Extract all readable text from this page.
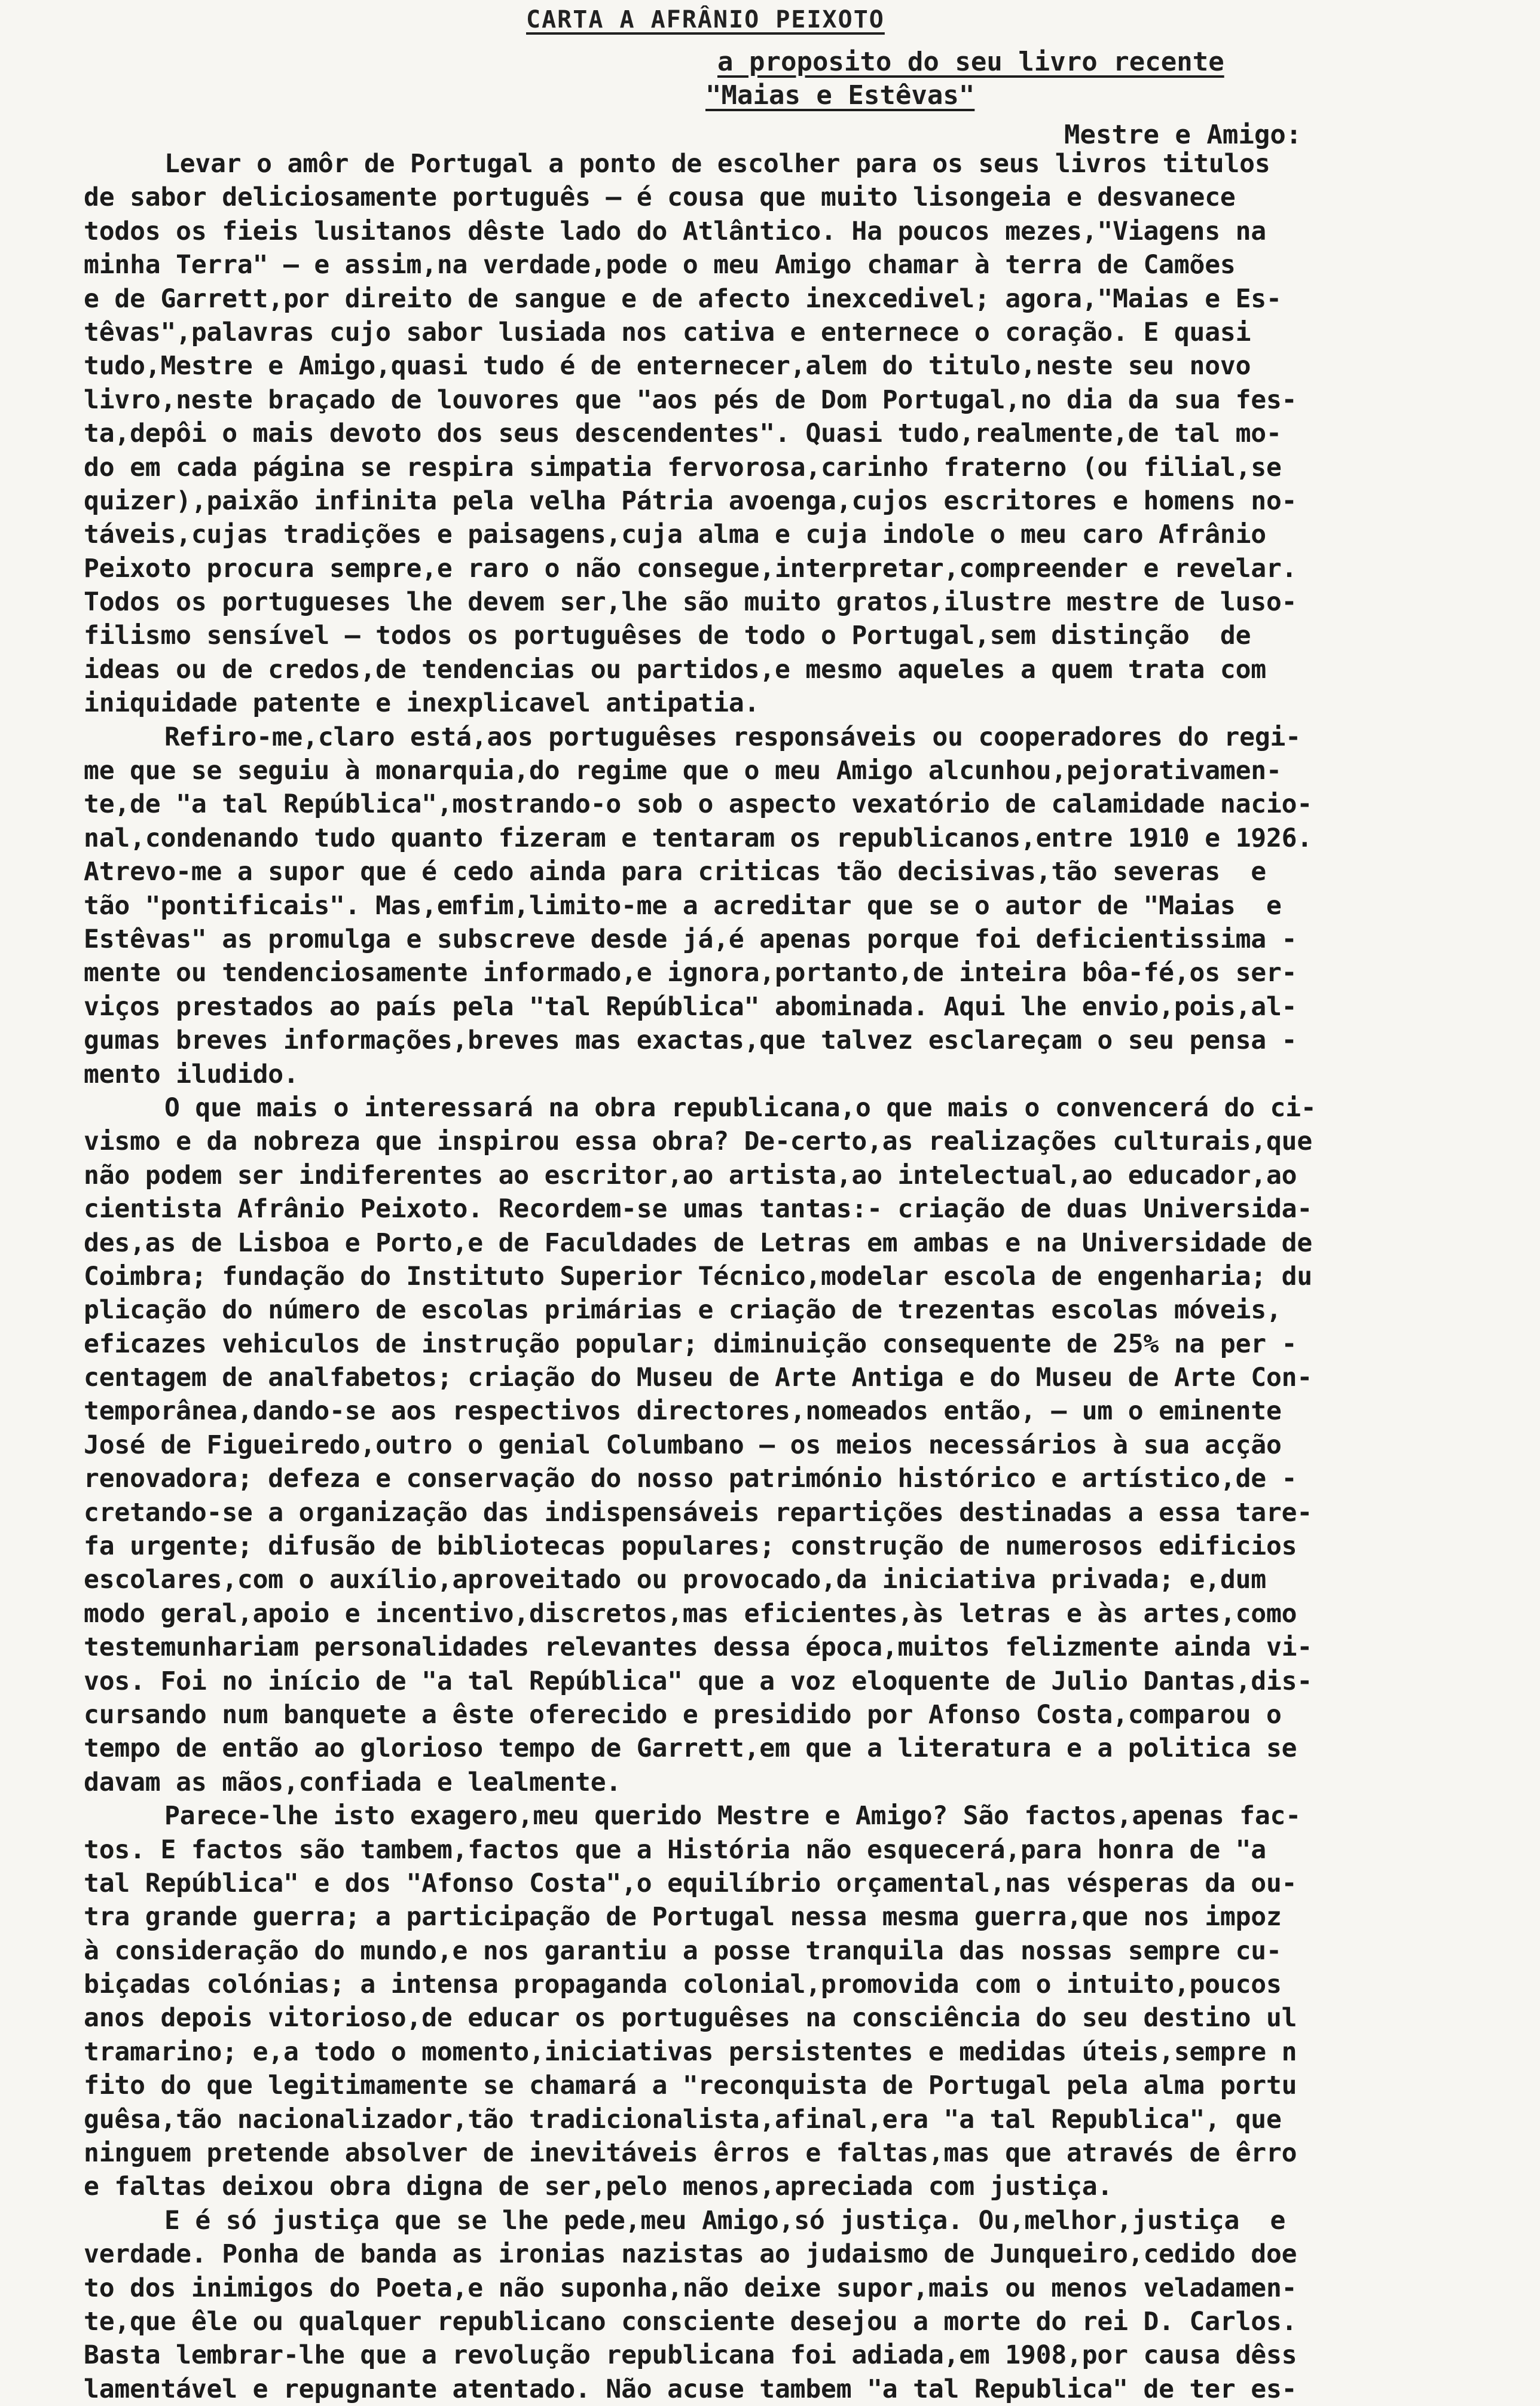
CARTA A AFRÂNIO PEIXOTO
a proposito do seu livro recente
"Maias e Estêvas"
Mestre e Amigo:
Levar o amôr de Portugal a ponto de escolher para os seus livros titulos
de sabor deliciosamente português — é cousa que muito lisongeia e desvanece
todos os fieis lusitanos dêste lado do Atlântico. Ha poucos mezes,"Viagens na
minha Terra" — e assim,na verdade,pode o meu Amigo chamar à terra de Camões
e de Garrett,por direito de sangue e de afecto inexcedivel; agora,"Maias e Es-
têvas",palavras cujo sabor lusiada nos cativa e enternece o coração. E quasi
tudo,Mestre e Amigo,quasi tudo é de enternecer,alem do titulo,neste seu novo
livro,neste braçado de louvores que "aos pés de Dom Portugal,no dia da sua fes-
ta,depôi o mais devoto dos seus descendentes". Quasi tudo,realmente,de tal mo-
do em cada página se respira simpatia fervorosa,carinho fraterno (ou filial,se
quizer),paixão infinita pela velha Pátria avoenga,cujos escritores e homens no-
táveis,cujas tradições e paisagens,cuja alma e cuja indole o meu caro Afrânio
Peixoto procura sempre,e raro o não consegue,interpretar,compreender e revelar.
Todos os portugueses lhe devem ser,lhe são muito gratos,ilustre mestre de luso-
filismo sensível — todos os portuguêses de todo o Portugal,sem distinção  de
ideas ou de credos,de tendencias ou partidos,e mesmo aqueles a quem trata com
iniquidade patente e inexplicavel antipatia.
Refiro-me,claro está,aos portuguêses responsáveis ou cooperadores do regi-
me que se seguiu à monarquia,do regime que o meu Amigo alcunhou,pejorativamen-
te,de "a tal República",mostrando-o sob o aspecto vexatório de calamidade nacio-
nal,condenando tudo quanto fizeram e tentaram os republicanos,entre 1910 e 1926.
Atrevo-me a supor que é cedo ainda para criticas tão decisivas,tão severas  e
tão "pontificais". Mas,emfim,limito-me a acreditar que se o autor de "Maias  e
Estêvas" as promulga e subscreve desde já,é apenas porque foi deficientissima -
mente ou tendenciosamente informado,e ignora,portanto,de inteira bôa-fé,os ser-
viços prestados ao país pela "tal República" abominada. Aqui lhe envio,pois,al-
gumas breves informações,breves mas exactas,que talvez esclareçam o seu pensa -
mento iludido.
O que mais o interessará na obra republicana,o que mais o convencerá do ci-
vismo e da nobreza que inspirou essa obra? De-certo,as realizações culturais,que
não podem ser indiferentes ao escritor,ao artista,ao intelectual,ao educador,ao
cientista Afrânio Peixoto. Recordem-se umas tantas:- criação de duas Universida-
des,as de Lisboa e Porto,e de Faculdades de Letras em ambas e na Universidade de
Coimbra; fundação do Instituto Superior Técnico,modelar escola de engenharia; du
plicação do número de escolas primárias e criação de trezentas escolas móveis,
eficazes vehiculos de instrução popular; diminuição consequente de 25% na per -
centagem de analfabetos; criação do Museu de Arte Antiga e do Museu de Arte Con-
temporânea,dando-se aos respectivos directores,nomeados então, — um o eminente
José de Figueiredo,outro o genial Columbano — os meios necessários à sua acção
renovadora; defeza e conservação do nosso património histórico e artístico,de -
cretando-se a organização das indispensáveis repartições destinadas a essa tare-
fa urgente; difusão de bibliotecas populares; construção de numerosos edificios
escolares,com o auxílio,aproveitado ou provocado,da iniciativa privada; e,dum
modo geral,apoio e incentivo,discretos,mas eficientes,às letras e às artes,como
testemunhariam personalidades relevantes dessa época,muitos felizmente ainda vi-
vos. Foi no início de "a tal República" que a voz eloquente de Julio Dantas,dis-
cursando num banquete a êste oferecido e presidido por Afonso Costa,comparou o
tempo de então ao glorioso tempo de Garrett,em que a literatura e a politica se
davam as mãos,confiada e lealmente.
Parece-lhe isto exagero,meu querido Mestre e Amigo? São factos,apenas fac-
tos. E factos são tambem,factos que a História não esquecerá,para honra de "a
tal República" e dos "Afonso Costa",o equilíbrio orçamental,nas vésperas da ou-
tra grande guerra; a participação de Portugal nessa mesma guerra,que nos impoz
à consideração do mundo,e nos garantiu a posse tranquila das nossas sempre cu-
biçadas colónias; a intensa propaganda colonial,promovida com o intuito,poucos
anos depois vitorioso,de educar os portuguêses na consciência do seu destino ul
tramarino; e,a todo o momento,iniciativas persistentes e medidas úteis,sempre n
fito do que legitimamente se chamará a "reconquista de Portugal pela alma portu
guêsa,tão nacionalizador,tão tradicionalista,afinal,era "a tal Republica", que
ninguem pretende absolver de inevitáveis êrros e faltas,mas que através de êrro
e faltas deixou obra digna de ser,pelo menos,apreciada com justiça.
E é só justiça que se lhe pede,meu Amigo,só justiça. Ou,melhor,justiça  e
verdade. Ponha de banda as ironias nazistas ao judaismo de Junqueiro,cedido doe
to dos inimigos do Poeta,e não suponha,não deixe supor,mais ou menos veladamen-
te,que êle ou qualquer republicano consciente desejou a morte do rei D. Carlos.
Basta lembrar-lhe que a revolução republicana foi adiada,em 1908,por causa dêss
lamentável e repugnante atentado. Não acuse tambem "a tal Republica" de ter es-
